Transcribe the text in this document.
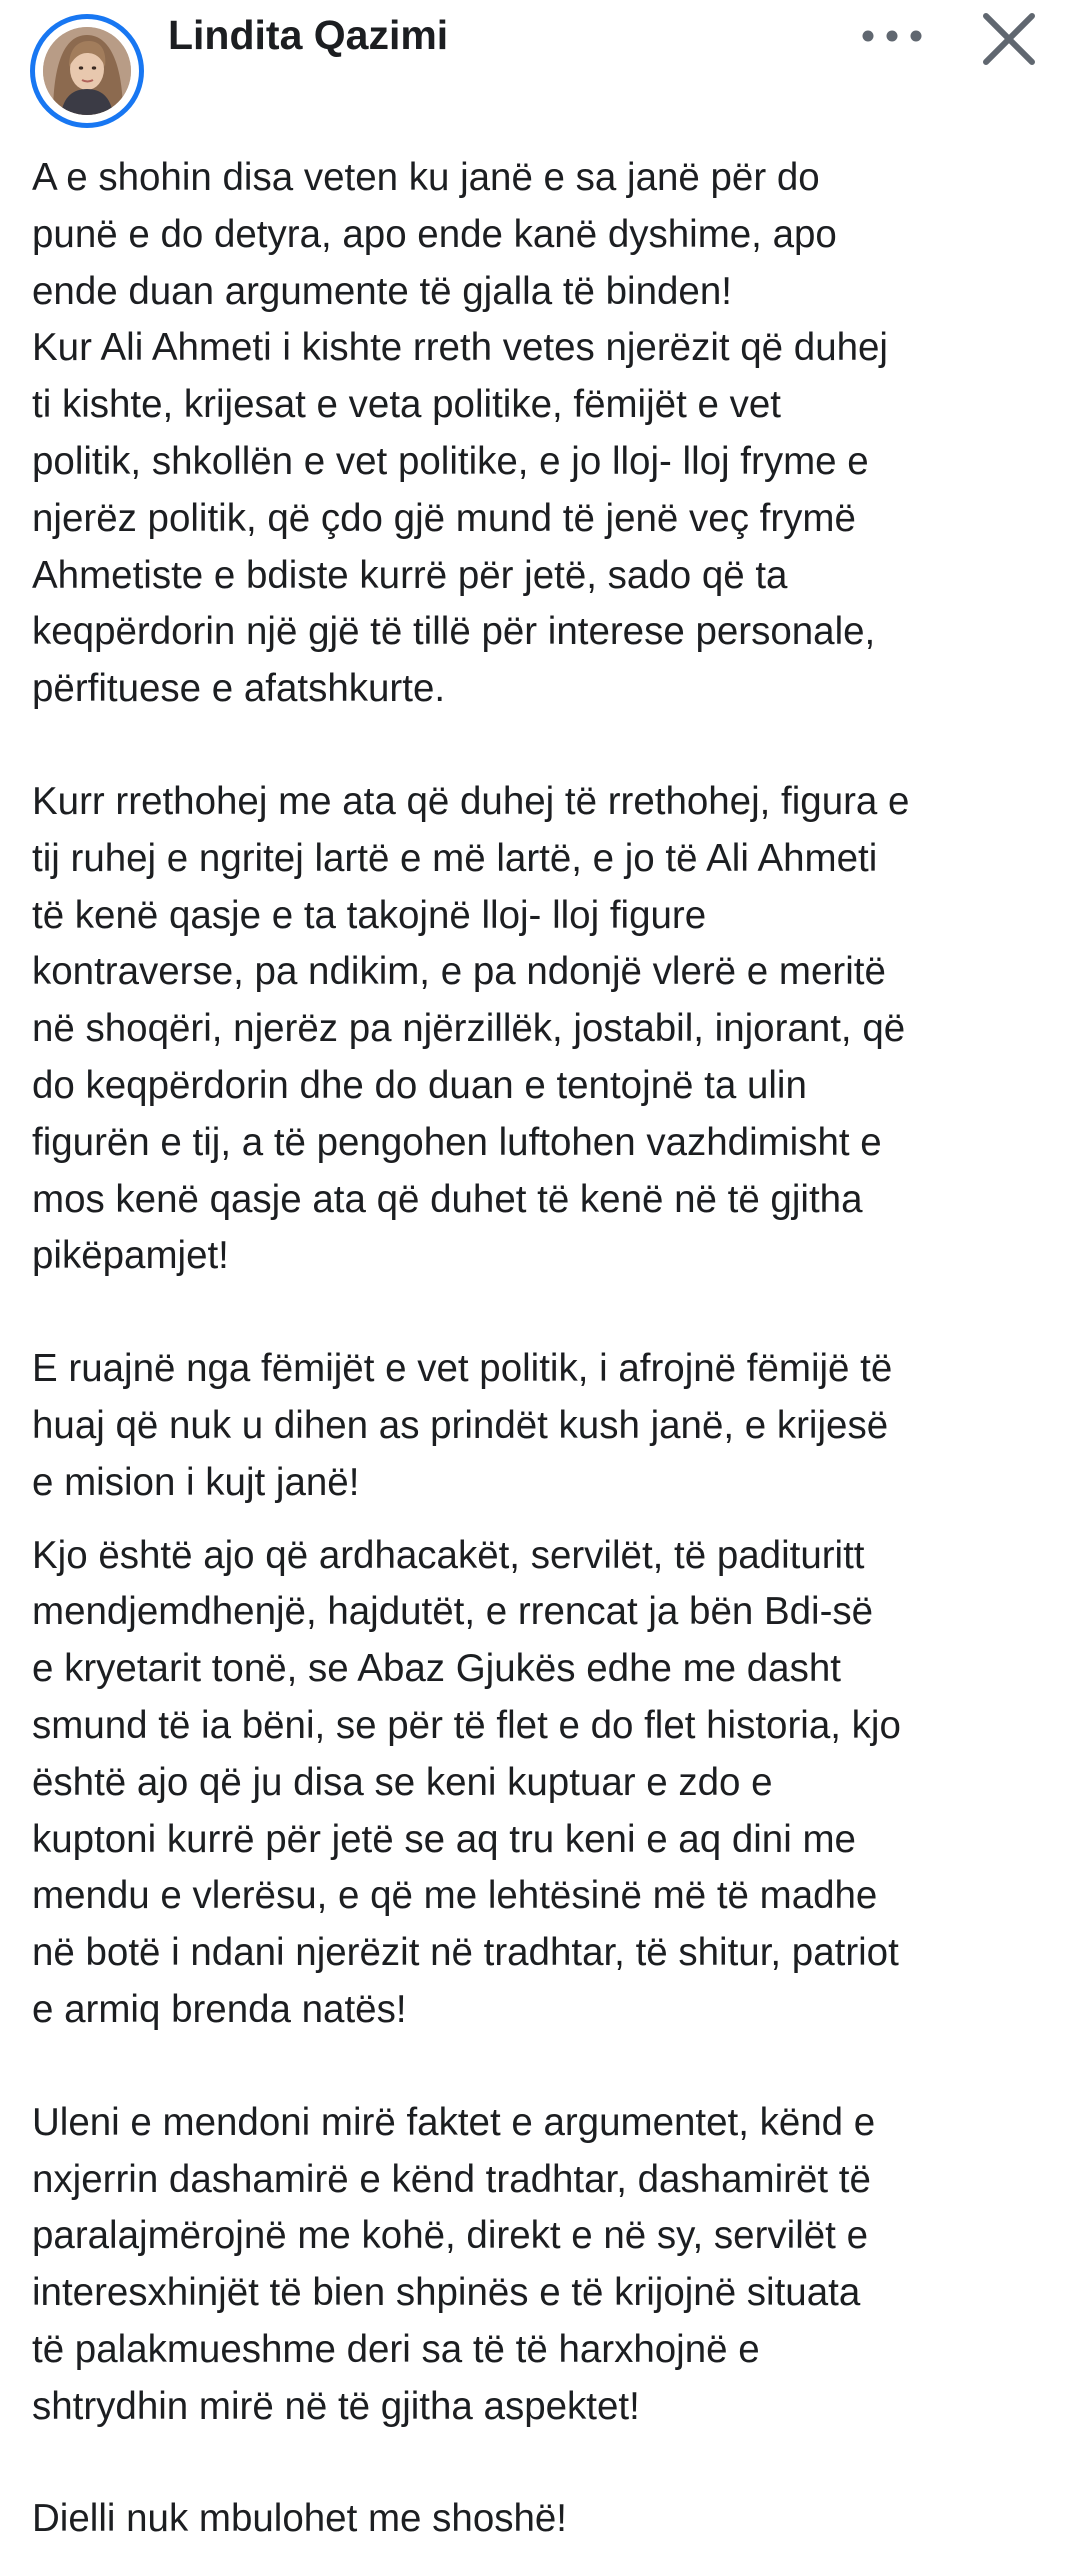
Lindita Qazimi
A e shohin disa veten ku janë e sa janë për do
punë e do detyra, apo ende kanë dyshime, apo
ende duan argumente të gjalla të binden!
Kur Ali Ahmeti i kishte rreth vetes njerëzit që duhej
ti kishte, krijesat e veta politike, fëmijët e vet
politik, shkollën e vet politike, e jo lloj- lloj fryme e
njerëz politik, që çdo gjë mund të jenë veç frymë
Ahmetiste e bdiste kurrë për jetë, sado që ta
keqpërdorin një gjë të tillë për interese personale,
përfituese e afatshkurte.
Kurr rrethohej me ata që duhej të rrethohej, figura e
tij ruhej e ngritej lartë e më lartë, e jo të Ali Ahmeti
të kenë qasje e ta takojnë lloj- lloj figure
kontraverse, pa ndikim, e pa ndonjë vlerë e meritë
në shoqëri, njerëz pa njërzillëk, jostabil, injorant, që
do keqpërdorin dhe do duan e tentojnë ta ulin
figurën e tij, a të pengohen luftohen vazhdimisht e
mos kenë qasje ata që duhet të kenë në të gjitha
pikëpamjet!
E ruajnë nga fëmijët e vet politik, i afrojnë fëmijë të
huaj që nuk u dihen as prindët kush janë, e krijesë
e mision i kujt janë!
Kjo është ajo që ardhacakët, servilët, të padituritt
mendjemdhenjë, hajdutët, e rrencat ja bën Bdi-së
e kryetarit tonë, se Abaz Gjukës edhe me dasht
smund të ia bëni, se për të flet e do flet historia, kjo
është ajo që ju disa se keni kuptuar e zdo e
kuptoni kurrë për jetë se aq tru keni e aq dini me
mendu e vlerësu, e që me lehtësinë më të madhe
në botë i ndani njerëzit në tradhtar, të shitur, patriot
e armiq brenda natës!
Uleni e mendoni mirë faktet e argumentet, kënd e
nxjerrin dashamirë e kënd tradhtar, dashamirët të
paralajmërojnë me kohë, direkt e në sy, servilët e
interesxhinjët të bien shpinës e të krijojnë situata
të palakmueshme deri sa të të harxhojnë e
shtrydhin mirë në të gjitha aspektet!
Dielli nuk mbulohet me shoshë!
